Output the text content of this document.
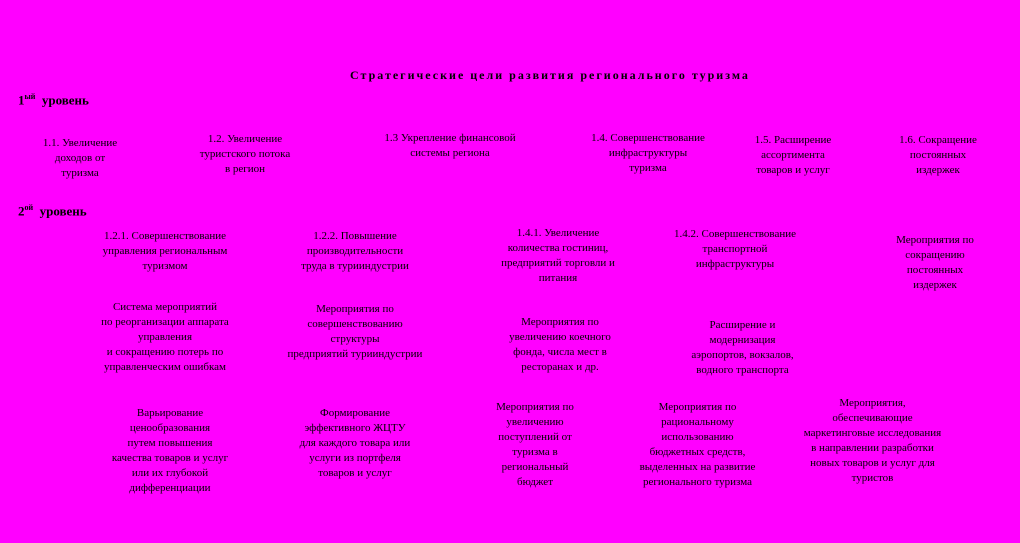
Стратегические цели развития регионального туризма
$1^{ый}$ уровень
$2^{ой}$ уровень
1.1. Увеличение
доходов от
туризма
1.2. Увеличение
туристского потока
в регион
1.3 Укрепление финансовой
системы региона
1.4. Совершенствование
инфраструктуры
туризма
1.5. Расширение
ассортимента
товаров и услуг
1.6. Сокращение
постоянных
издержек
1.2.1. Совершенствование
управления региональным
туризмом
1.2.2. Повышение
производительности
труда в турииндустрии
1.4.1. Увеличение
количества гостиниц,
предприятий торговли и
питания
1.4.2. Совершенствование
транспортной
инфраструктуры
Мероприятия по
сокращению
постоянных
издержек
Система мероприятий
по реорганизации аппарата
управления
и сокращению потерь по
управленческим ошибкам
Мероприятия по
совершенствованию
структуры
предприятий турииндустрии
Мероприятия по
увеличению коечного
фонда, числа мест в
ресторанах и др.
Расширение и
модернизация
аэропортов, вокзалов,
водного транспорта
Варьирование
ценообразования
путем повышения
качества товаров и услуг
или их глубокой
дифференциации
Формирование
эффективного ЖЦТУ
для каждого товара или
услуги из портфеля
товаров и услуг
Мероприятия по
увеличению
поступлений от
туризма в
региональный
бюджет
Мероприятия по
рациональному
использованию
бюджетных средств,
выделенных на развитие
регионального туризма
Мероприятия,
обеспечивающие
маркетинговые исследования
в направлении разработки
новых товаров и услуг для
туристов
